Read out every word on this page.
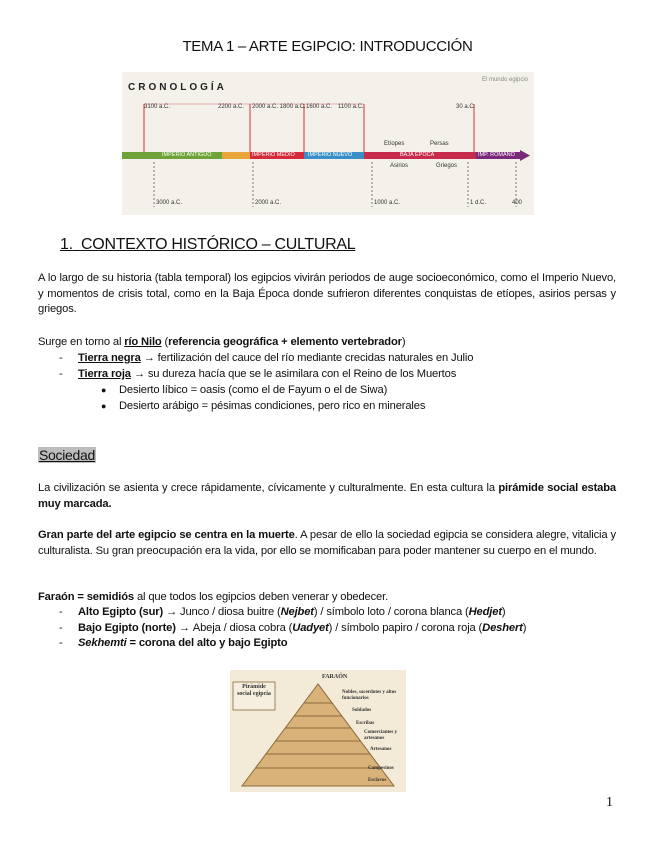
TEMA 1 – ARTE EGIPCIO: INTRODUCCIÓN
CRONOLOGÍA
El mundo egipcio
3100 a.C.	2200 a.C. 2000 a.C. 1800 a.C. 1600 a.C. 1100 a.C.	30 a.C.
IMPERIO ANTIGUO	IMPERIO MEDIO IMPERIO NUEVO	BAJA ÉPOCA	IMP. ROMANO
Etíopes	Persas
Asirios	Griegos
3000 a.C.	2000 a.C.	1000 a.C.	1 d.C.	400
1. CONTEXTO HISTÓRICO – CULTURAL
A lo largo de su historia (tabla temporal) los egipcios vivirán periodos de auge socioeconómico, como el Imperio Nuevo, y momentos de crisis total, como en la Baja Época donde sufrieron diferentes conquistas de etíopes, asirios persas y griegos.
Surge en torno al río Nilo (referencia geográfica + elemento vertebrador)
- Tierra negra → fertilización del cauce del río mediante crecidas naturales en Julio
- Tierra roja → su dureza hacía que se le asimilara con el Reino de los Muertos
● Desierto líbico = oasis (como el de Fayum o el de Siwa)
● Desierto arábigo = pésimas condiciones, pero rico en minerales
Sociedad
La civilización se asienta y crece rápidamente, cívicamente y culturalmente. En esta cultura la pirámide social estaba muy marcada.
Gran parte del arte egipcio se centra en la muerte. A pesar de ello la sociedad egipcia se considera alegre, vitalicia y culturalista. Su gran preocupación era la vida, por ello se momificaban para poder mantener su cuerpo en el mundo.
Faraón = semidiós al que todos los egipcios deben venerar y obedecer.
- Alto Egipto (sur) → Junco / diosa buitre (Nejbet) / símbolo loto / corona blanca (Hedjet)
- Bajo Egipto (norte) → Abeja / diosa cobra (Uadyet) / símbolo papiro / corona roja (Deshert)
- Sekhemti = corona del alto y bajo Egipto
FARAÓN
Pirámide social egipcia	Nobles, sacerdotes y altos funcionarios
Soldados
Escribas
Comerciantes y artesanos
Artesanos
Campesinos
Esclavos
1
